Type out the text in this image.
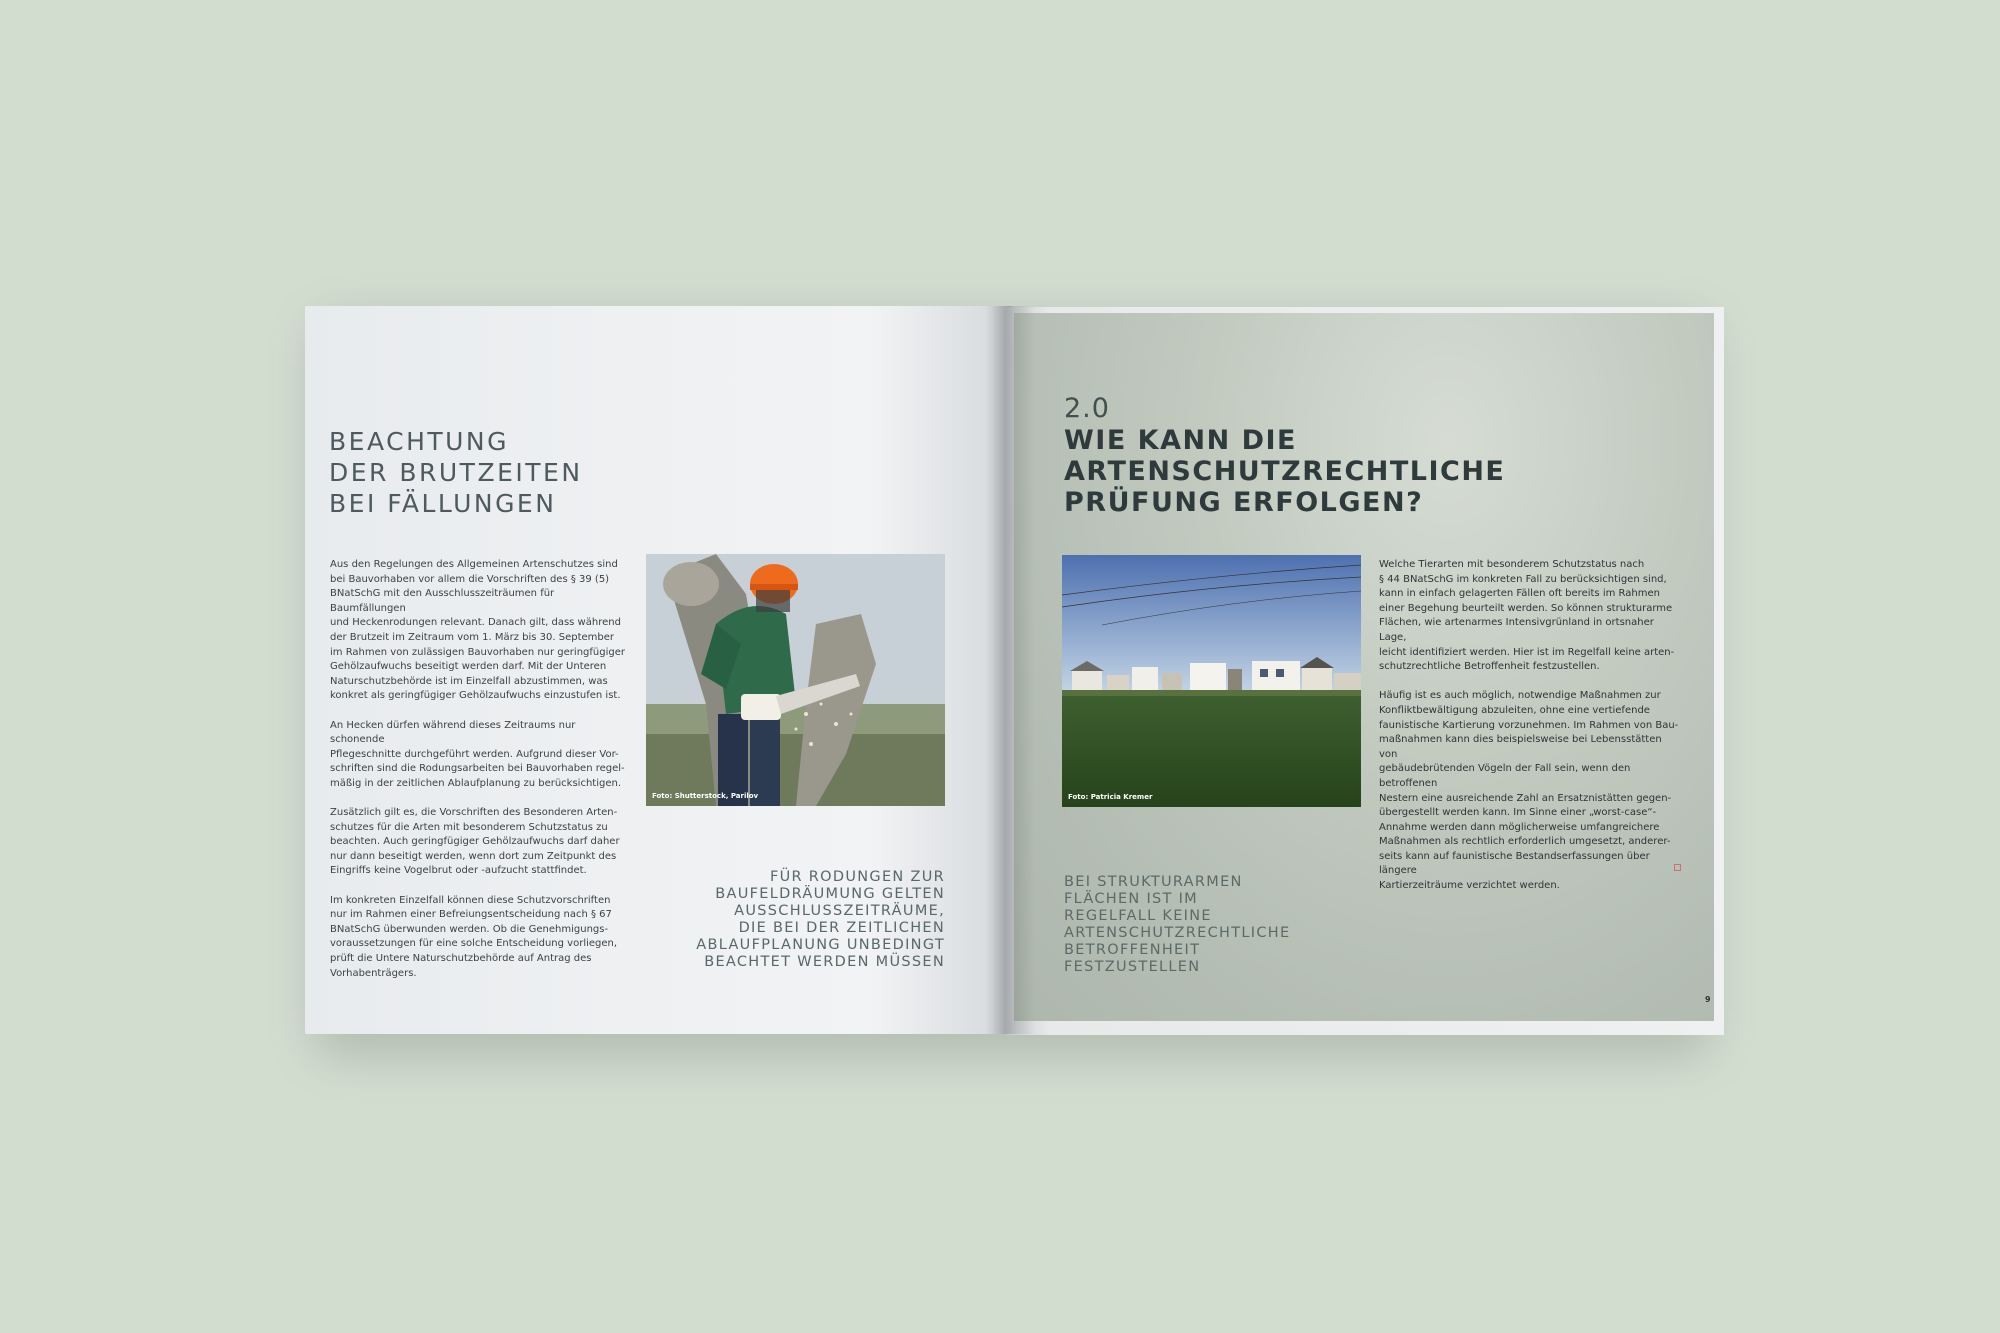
BEACHTUNG
DER BRUTZEITEN
BEI FÄLLUNGEN
Aus den Regelungen des Allgemeinen Artenschutzes sind
bei Bauvorhaben vor allem die Vorschriften des § 39 (5)
BNatSchG mit den Ausschlusszeiträumen für Baumfällungen
und Heckenrodungen relevant. Danach gilt, dass während
der Brutzeit im Zeitraum vom 1. März bis 30. September
im Rahmen von zulässigen Bauvorhaben nur geringfügiger
Gehölzaufwuchs beseitigt werden darf. Mit der Unteren
Naturschutzbehörde ist im Einzelfall abzustimmen, was
konkret als geringfügiger Gehölzaufwuchs einzustufen ist.

An Hecken dürfen während dieses Zeitraums nur schonende
Pflegeschnitte durchgeführt werden. Aufgrund dieser Vor-
schriften sind die Rodungsarbeiten bei Bauvorhaben regel-
mäßig in der zeitlichen Ablaufplanung zu berücksichtigen.

Zusätzlich gilt es, die Vorschriften des Besonderen Arten-
schutzes für die Arten mit besonderem Schutzstatus zu
beachten. Auch geringfügiger Gehölzaufwuchs darf daher
nur dann beseitigt werden, wenn dort zum Zeitpunkt des
Eingriffs keine Vogelbrut oder -aufzucht stattfindet.

Im konkreten Einzelfall können diese Schutzvorschriften
nur im Rahmen einer Befreiungsentscheidung nach § 67
BNatSchG überwunden werden. Ob die Genehmigungs-
voraussetzungen für eine solche Entscheidung vorliegen,
prüft die Untere Naturschutzbehörde auf Antrag des
Vorhabenträgers.
Foto: Shutterstock, Parilov
FÜR RODUNGEN ZUR
BAUFELDRÄUMUNG GELTEN
AUSSCHLUSSZEITRÄUME,
DIE BEI DER ZEITLICHEN
ABLAUFPLANUNG UNBEDINGT
BEACHTET WERDEN MÜSSEN
2.0
WIE KANN DIE
ARTENSCHUTZRECHTLICHE
PRÜFUNG ERFOLGEN?
Foto: Patricia Kremer
Welche Tierarten mit besonderem Schutzstatus nach
§ 44 BNatSchG im konkreten Fall zu berücksichtigen sind,
kann in einfach gelagerten Fällen oft bereits im Rahmen
einer Begehung beurteilt werden. So können strukturarme
Flächen, wie artenarmes Intensivgrünland in ortsnaher Lage,
leicht identifiziert werden. Hier ist im Regelfall keine arten-
schutzrechtliche Betroffenheit festzustellen.

Häufig ist es auch möglich, notwendige Maßnahmen zur
Konfliktbewältigung abzuleiten, ohne eine vertiefende
faunistische Kartierung vorzunehmen. Im Rahmen von Bau-
maßnahmen kann dies beispielsweise bei Lebensstätten von
gebäudebrütenden Vögeln der Fall sein, wenn den betroffenen
Nestern eine ausreichende Zahl an Ersatznistätten gegen-
übergestellt werden kann. Im Sinne einer „worst-case“-
Annahme werden dann möglicherweise umfangreichere
Maßnahmen als rechtlich erforderlich umgesetzt, anderer-
seits kann auf faunistische Bestandserfassungen über längere
Kartierzeiträume verzichtet werden.
BEI STRUKTURARMEN
FLÄCHEN IST IM
REGELFALL KEINE
ARTENSCHUTZRECHTLICHE
BETROFFENHEIT
FESTZUSTELLEN
9
